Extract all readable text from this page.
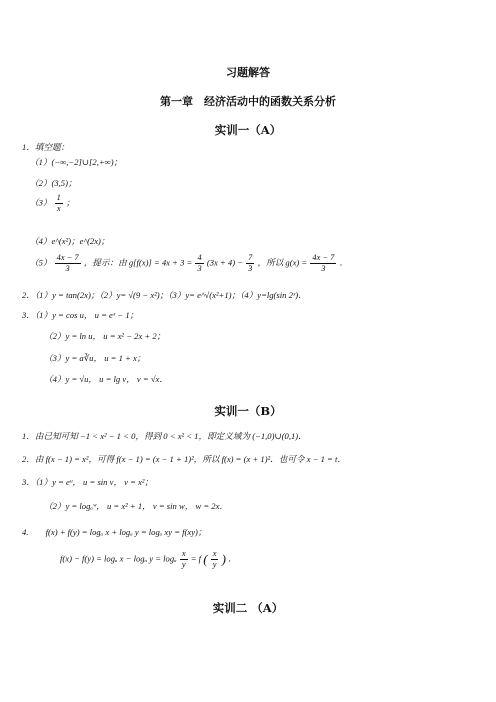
习题解答
第一章　经济活动中的函数关系分析
实训一（A）
1．填空题：
（1）(−∞,−2]∪[2,+∞)；
（2）(3,5)；
$(3) \frac{1}{x}$ ；
（4）e^(x²)；e^(2x)；
$(5) \frac{4x - 7}{3}$ ，提示：由 $g[f(x)] = 4x + 3 = \frac{4}{3} (3x + 4) - \frac{7}{3}$ ，所以 $g(x) = \frac{4x - 7}{3}$ ．
2．（1）y = tan(2x)；（2）y= √(9 − x²)；（3）y= e^√(x²+1)；（4）y=lg(sin 2ˣ)．
3．（1）y = cos u， u = eˣ − 1；
（2）y = ln u， u = x² − 2x + 2；
（3）y = a∛u， u = 1 + x；
（4）y = √u， u = lg v， v = √x．
实训一（B）
1．由已知可知 −1 < x² − 1 < 0，得到 0 < x² < 1，即定义域为 (−1,0)∪(0,1)．
2．由 f(x − 1) = x²，可得 f(x − 1) = (x − 1 + 1)²，所以 f(x) = (x + 1)²．也可令 x − 1 = t．
3．（1）y = eᵘ， u = sin v， v = x²；
（2）y = logₐʷ， u = x² + 1， v = sin w， w = 2x．
4.　　f(x) + f(y) = logₐ x + logₐ y = logₐ xy = f(xy)；
f(x) − f(y) = logₐ x − logₐ y = logₐ $\frac{x}{y} = f$ ( $\frac{x}{y}$ ) ．
实训二 （A）
